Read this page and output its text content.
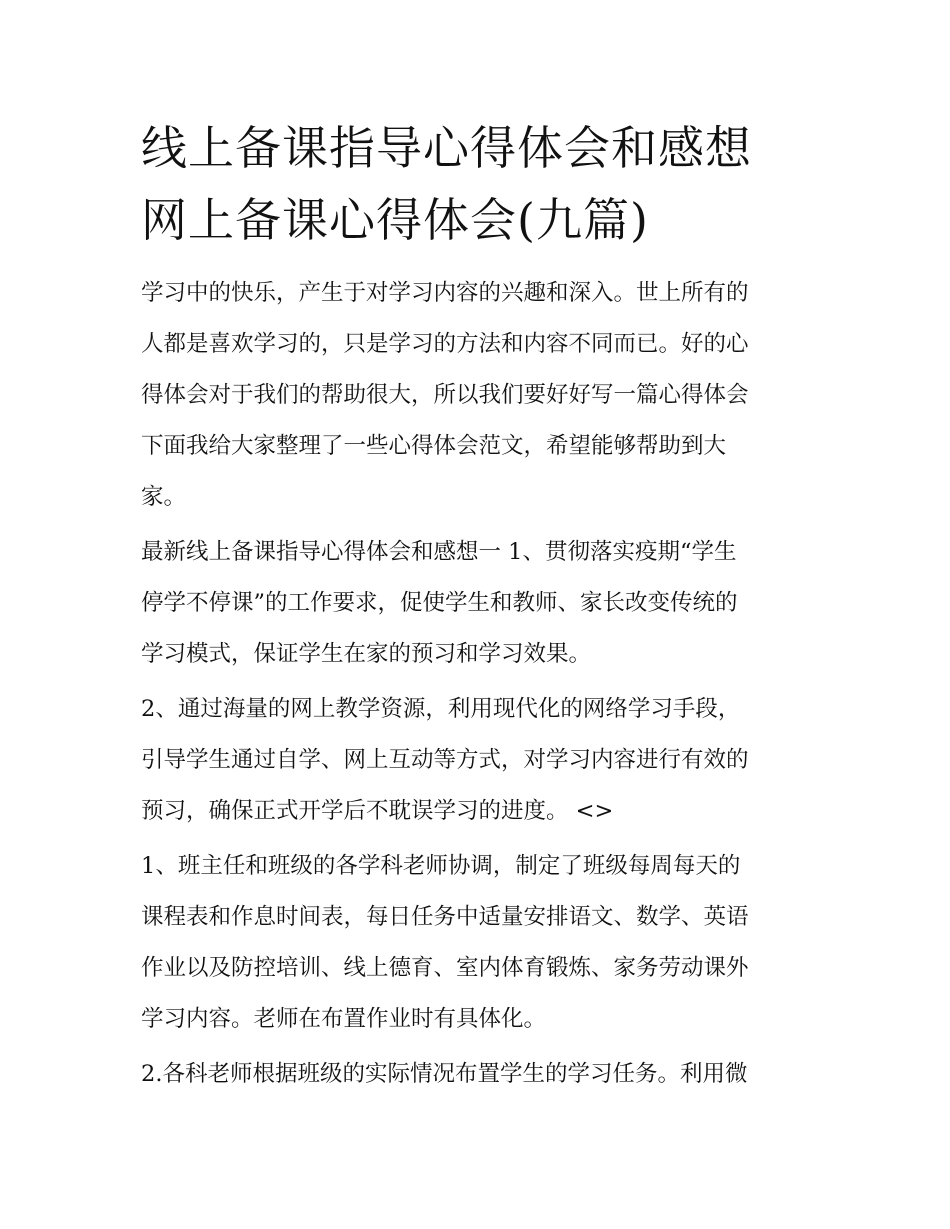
线上备课指导心得体会和感想
网上备课心得体会(九篇)

学习中的快乐，产生于对学习内容的兴趣和深入。世上所有的
人都是喜欢学习的，只是学习的方法和内容不同而已。好的心
得体会对于我们的帮助很大，所以我们要好好写一篇心得体会
下面我给大家整理了一些心得体会范文，希望能够帮助到大
家。

最新线上备课指导心得体会和感想一 1、贯彻落实疫期“学生
停学不停课”的工作要求，促使学生和教师、家长改变传统的
学习模式，保证学生在家的预习和学习效果。

2、通过海量的网上教学资源，利用现代化的网络学习手段，
引导学生通过自学、网上互动等方式，对学习内容进行有效的
预习，确保正式开学后不耽误学习的进度。 <>

1、班主任和班级的各学科老师协调，制定了班级每周每天的
课程表和作息时间表，每日任务中适量安排语文、数学、英语
作业以及防控培训、线上德育、室内体育锻炼、家务劳动课外
学习内容。老师在布置作业时有具体化。

2.各科老师根据班级的实际情况布置学生的学习任务。利用微
